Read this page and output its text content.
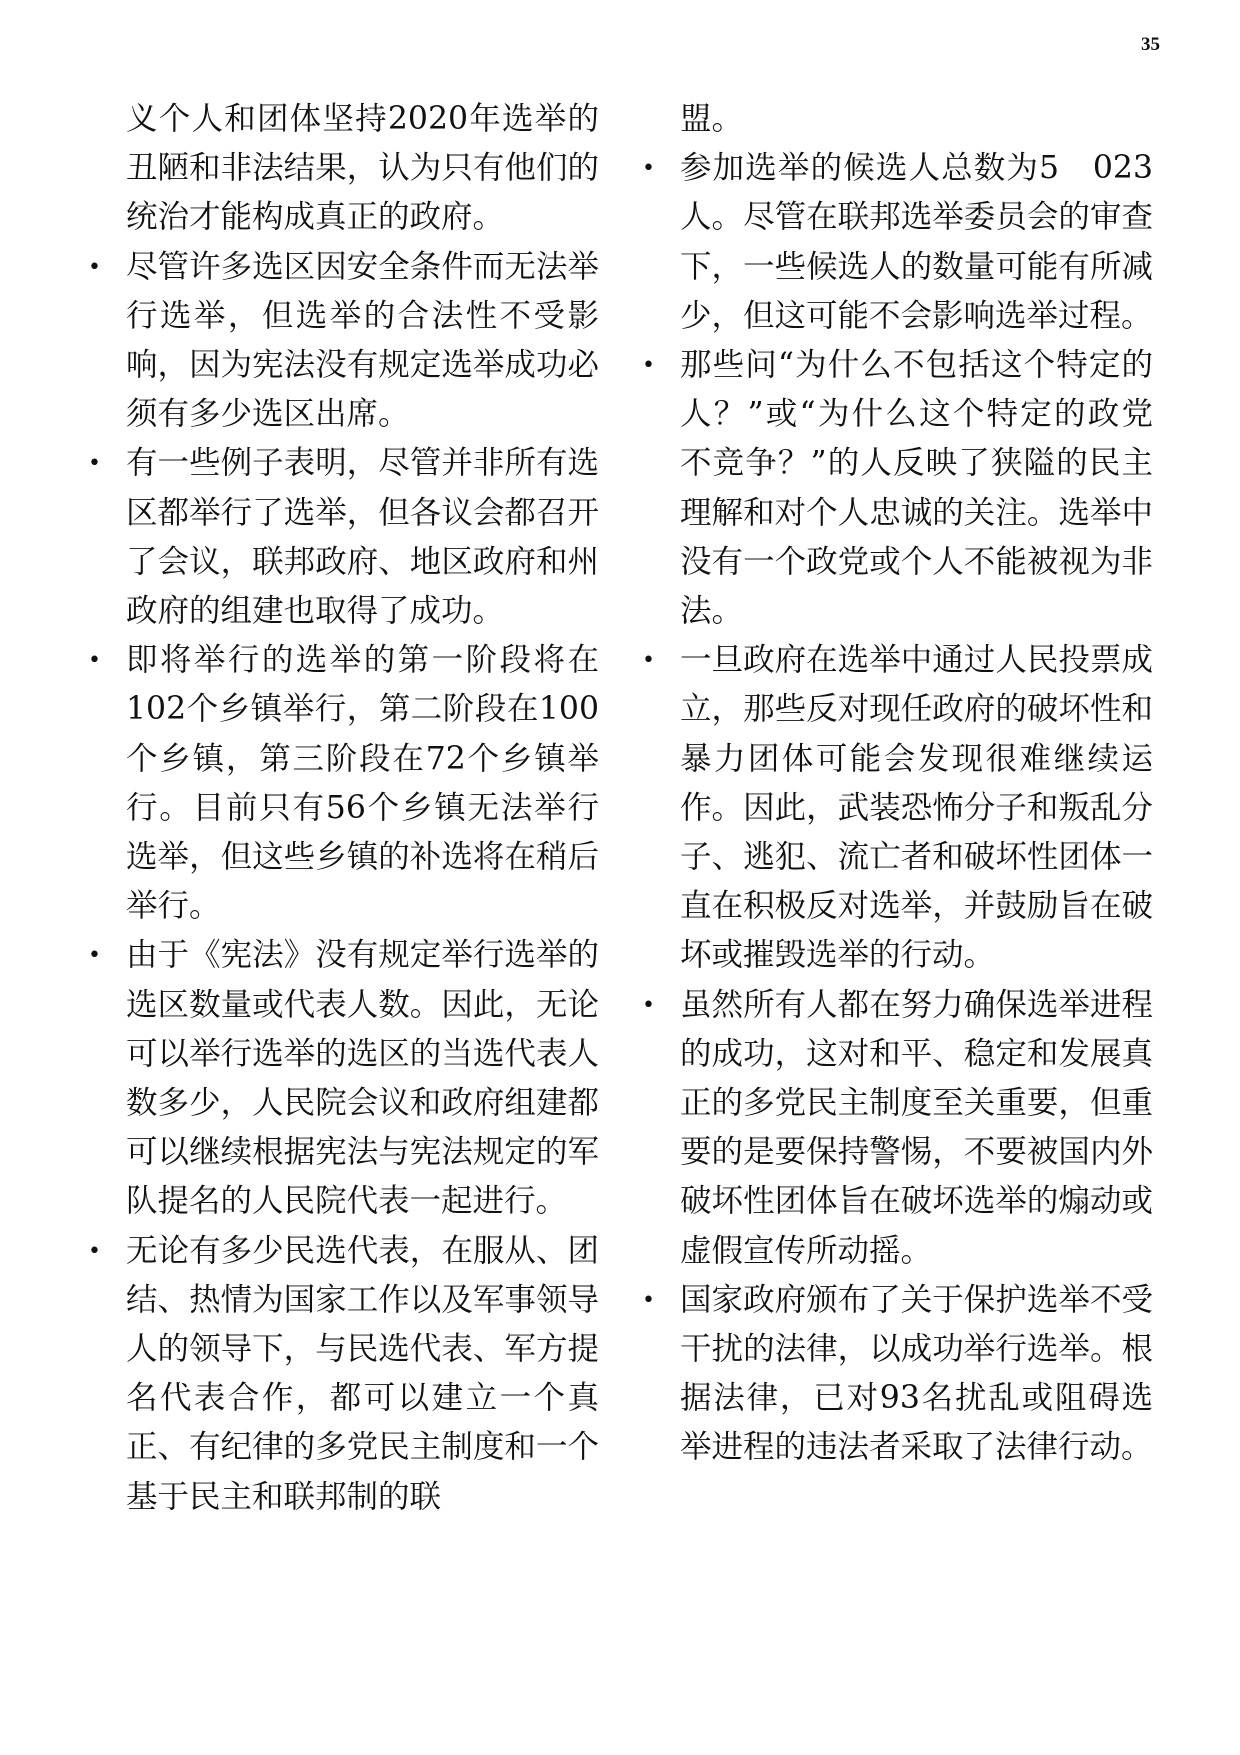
35

义个人和团体坚持2020年选举的丑陋和非法结果，认为只有他们的统治才能构成真正的政府。

• 尽管许多选区因安全条件而无法举行选举，但选举的合法性不受影响，因为宪法没有规定选举成功必须有多少选区出席。
• 有一些例子表明，尽管并非所有选区都举行了选举，但各议会都召开了会议，联邦政府、地区政府和州政府的组建也取得了成功。
• 即将举行的选举的第一阶段将在102个乡镇举行，第二阶段在100个乡镇，第三阶段在72个乡镇举行。目前只有56个乡镇无法举行选举，但这些乡镇的补选将在稍后举行。
• 由于《宪法》没有规定举行选举的选区数量或代表人数。因此，无论可以举行选举的选区的当选代表人数多少，人民院会议和政府组建都可以继续根据宪法与宪法规定的军队提名的人民院代表一起进行。
• 无论有多少民选代表，在服从、团结、热情为国家工作以及军事领导人的领导下，与民选代表、军方提名代表合作，都可以建立一个真正、有纪律的多党民主制度和一个基于民主和联邦制的联

盟。

• 参加选举的候选人总数为5　023人。尽管在联邦选举委员会的审查下，一些候选人的数量可能有所减少，但这可能不会影响选举过程。
• 那些问“为什么不包括这个特定的人？”或“为什么这个特定的政党不竞争？”的人反映了狭隘的民主理解和对个人忠诚的关注。选举中没有一个政党或个人不能被视为非法。
• 一旦政府在选举中通过人民投票成立，那些反对现任政府的破坏性和暴力团体可能会发现很难继续运作。因此，武装恐怖分子和叛乱分子、逃犯、流亡者和破坏性团体一直在积极反对选举，并鼓励旨在破坏或摧毁选举的行动。
• 虽然所有人都在努力确保选举进程的成功，这对和平、稳定和发展真正的多党民主制度至关重要，但重要的是要保持警惕，不要被国内外破坏性团体旨在破坏选举的煽动或虚假宣传所动摇。
• 国家政府颁布了关于保护选举不受干扰的法律，以成功举行选举。根据法律，已对93名扰乱或阻碍选举进程的违法者采取了法律行动。
